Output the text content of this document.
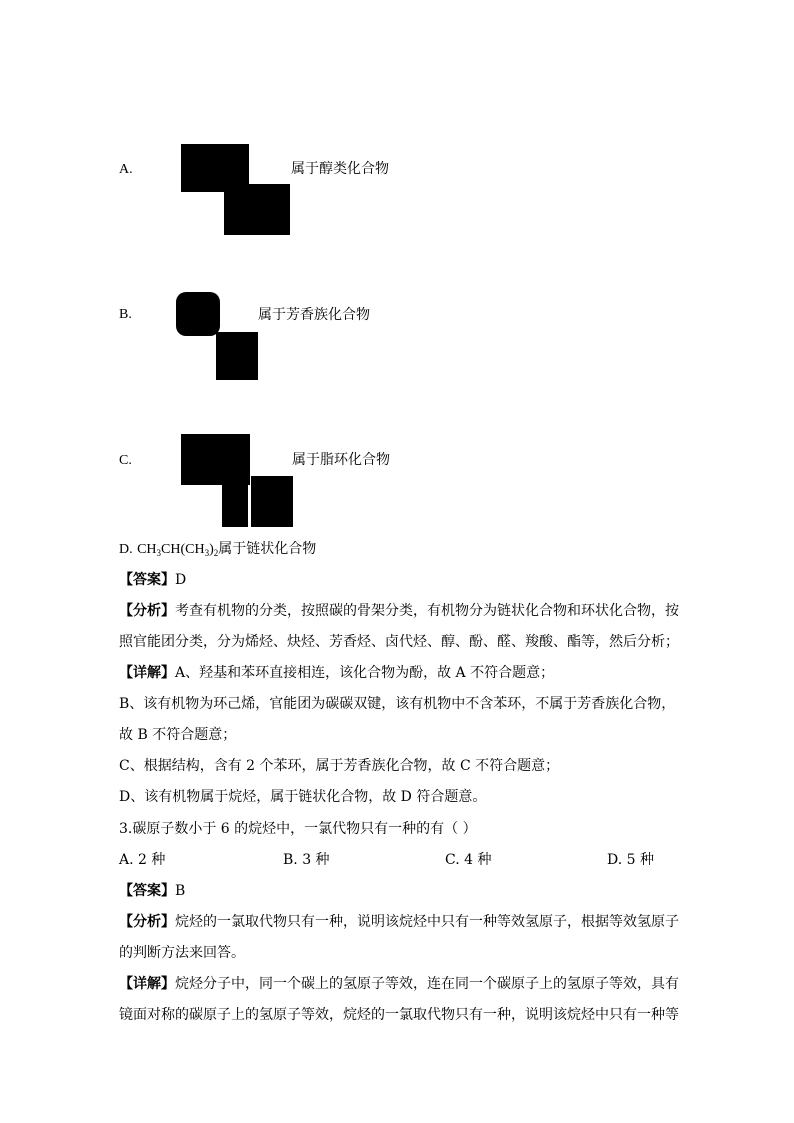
A.	属于醇类化合物
B.	属于芳香族化合物
C.	属于脂环化合物
D. $CH_3CH(CH_3)_2$属于链状化合物
【答案】D
【分析】考查有机物的分类，按照碳的骨架分类，有机物分为链状化合物和环状化合物，按
照官能团分类，分为烯烃、炔烃、芳香烃、卤代烃、醇、酚、醛、羧酸、酯等，然后分析；
【详解】A、羟基和苯环直接相连，该化合物为酚，故 A 不符合题意；
B、该有机物为环己烯，官能团为碳碳双键，该有机物中不含苯环，不属于芳香族化合物，
故 B 不符合题意；
C、根据结构，含有 2 个苯环，属于芳香族化合物，故 C 不符合题意；
D、该有机物属于烷烃，属于链状化合物，故 D 符合题意。
3.碳原子数小于 6 的烷烃中，一氯代物只有一种的有（ ）
A. 2 种	B. 3 种	C. 4 种	D. 5 种
【答案】B
【分析】烷烃的一氯取代物只有一种，说明该烷烃中只有一种等效氢原子，根据等效氢原子
的判断方法来回答。
【详解】烷烃分子中，同一个碳上的氢原子等效，连在同一个碳原子上的氢原子等效，具有
镜面对称的碳原子上的氢原子等效，烷烃的一氯取代物只有一种，说明该烷烃中只有一种等
